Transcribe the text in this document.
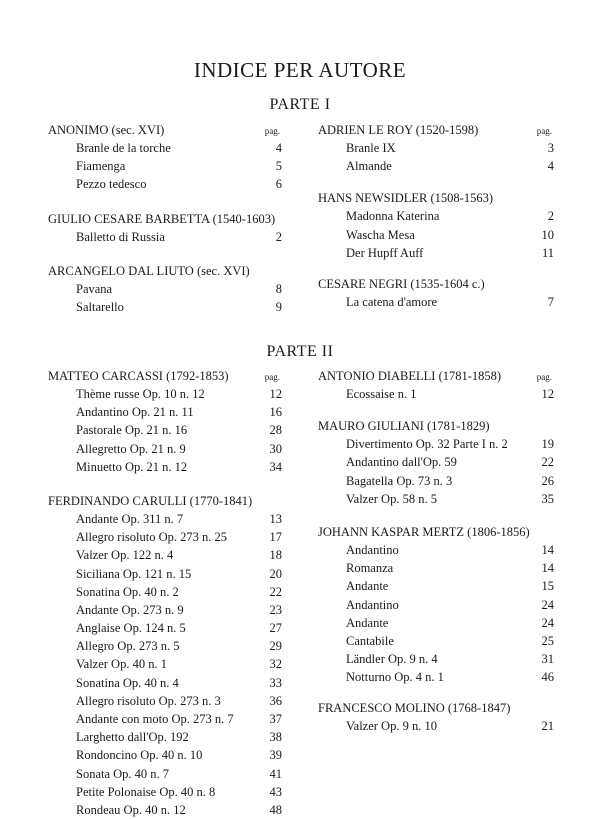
INDICE PER AUTORE
PARTE I
ANONIMO (sec. XVI)	pag.
Branle de la torche	4
Fiamenga	5
Pezzo tedesco	6
GIULIO CESARE BARBETTA (1540-1603)
Balletto di Russia	2
ARCANGELO DAL LIUTO (sec. XVI)
Pavana	8
Saltarello	9
ADRIEN LE ROY (1520-1598)	pag.
Branle IX	3
Almande	4
HANS NEWSIDLER (1508-1563)
Madonna Katerina	2
Wascha Mesa	10
Der Hupff Auff	11
CESARE NEGRI (1535-1604 c.)
La catena d'amore	7
PARTE II
MATTEO CARCASSI (1792-1853)	pag.
Thème russe Op. 10 n. 12	12
Andantino Op. 21 n. 11	16
Pastorale Op. 21 n. 16	28
Allegretto Op. 21 n. 9	30
Minuetto Op. 21 n. 12	34
FERDINANDO CARULLI (1770-1841)
Andante Op. 311 n. 7	13
Allegro risoluto Op. 273 n. 25	17
Valzer Op. 122 n. 4	18
Siciliana Op. 121 n. 15	20
Sonatina Op. 40 n. 2	22
Andante Op. 273 n. 9	23
Anglaise Op. 124 n. 5	27
Allegro Op. 273 n. 5	29
Valzer Op. 40 n. 1	32
Sonatina Op. 40 n. 4	33
Allegro risoluto Op. 273 n. 3	36
Andante con moto Op. 273 n. 7	37
Larghetto dall'Op. 192	38
Rondoncino Op. 40 n. 10	39
Sonata Op. 40 n. 7	41
Petite Polonaise Op. 40 n. 8	43
Rondeau Op. 40 n. 12	48
ANTONIO DIABELLI (1781-1858)	pag.
Ecossaise n. 1	12
MAURO GIULIANI (1781-1829)
Divertimento Op. 32 Parte I n. 2	19
Andantino dall'Op. 59	22
Bagatella Op. 73 n. 3	26
Valzer Op. 58 n. 5	35
JOHANN KASPAR MERTZ (1806-1856)
Andantino	14
Romanza	14
Andante	15
Andantino	24
Andante	24
Cantabile	25
Ländler Op. 9 n. 4	31
Notturno Op. 4 n. 1	46
FRANCESCO MOLINO (1768-1847)
Valzer Op. 9 n. 10	21
